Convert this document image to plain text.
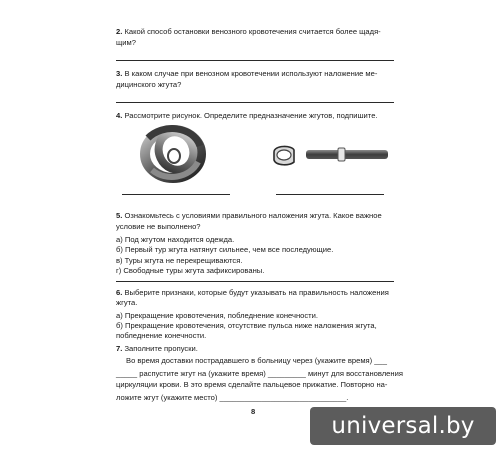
2. Какой способ остановки венозного кровотечения считается более щадя-
щим?
3. В каком случае при венозном кровотечении используют наложение ме-
дицинского жгута?
4. Рассмотрите рисунок. Определите предназначение жгутов, подпишите.
5. Ознакомьтесь с условиями правильного наложения жгута. Какое важное
условие не выполнено?
а) Под жгутом находится одежда.
б) Первый тур жгута натянут сильнее, чем все последующие.
в) Туры жгута не перекрещиваются.
г) Свободные туры жгута зафиксированы.
6. Выберите признаки, которые будут указывать на правильность наложения
жгута.
а) Прекращение кровотечения, побледнение конечности.
б) Прекращение кровотечения, отсутствие пульса ниже наложения жгута,
побледнение конечности.
7. Заполните пропуски.
Во время доставки пострадавшего в больницу через (укажите время) ___
_____ распустите жгут на (укажите время) _________ минут для восстановления
циркуляции крови. В это время сделайте пальцевое прижатие. Повторно на-
ложите жгут (укажите место) ______________________________.
8
universal.by
